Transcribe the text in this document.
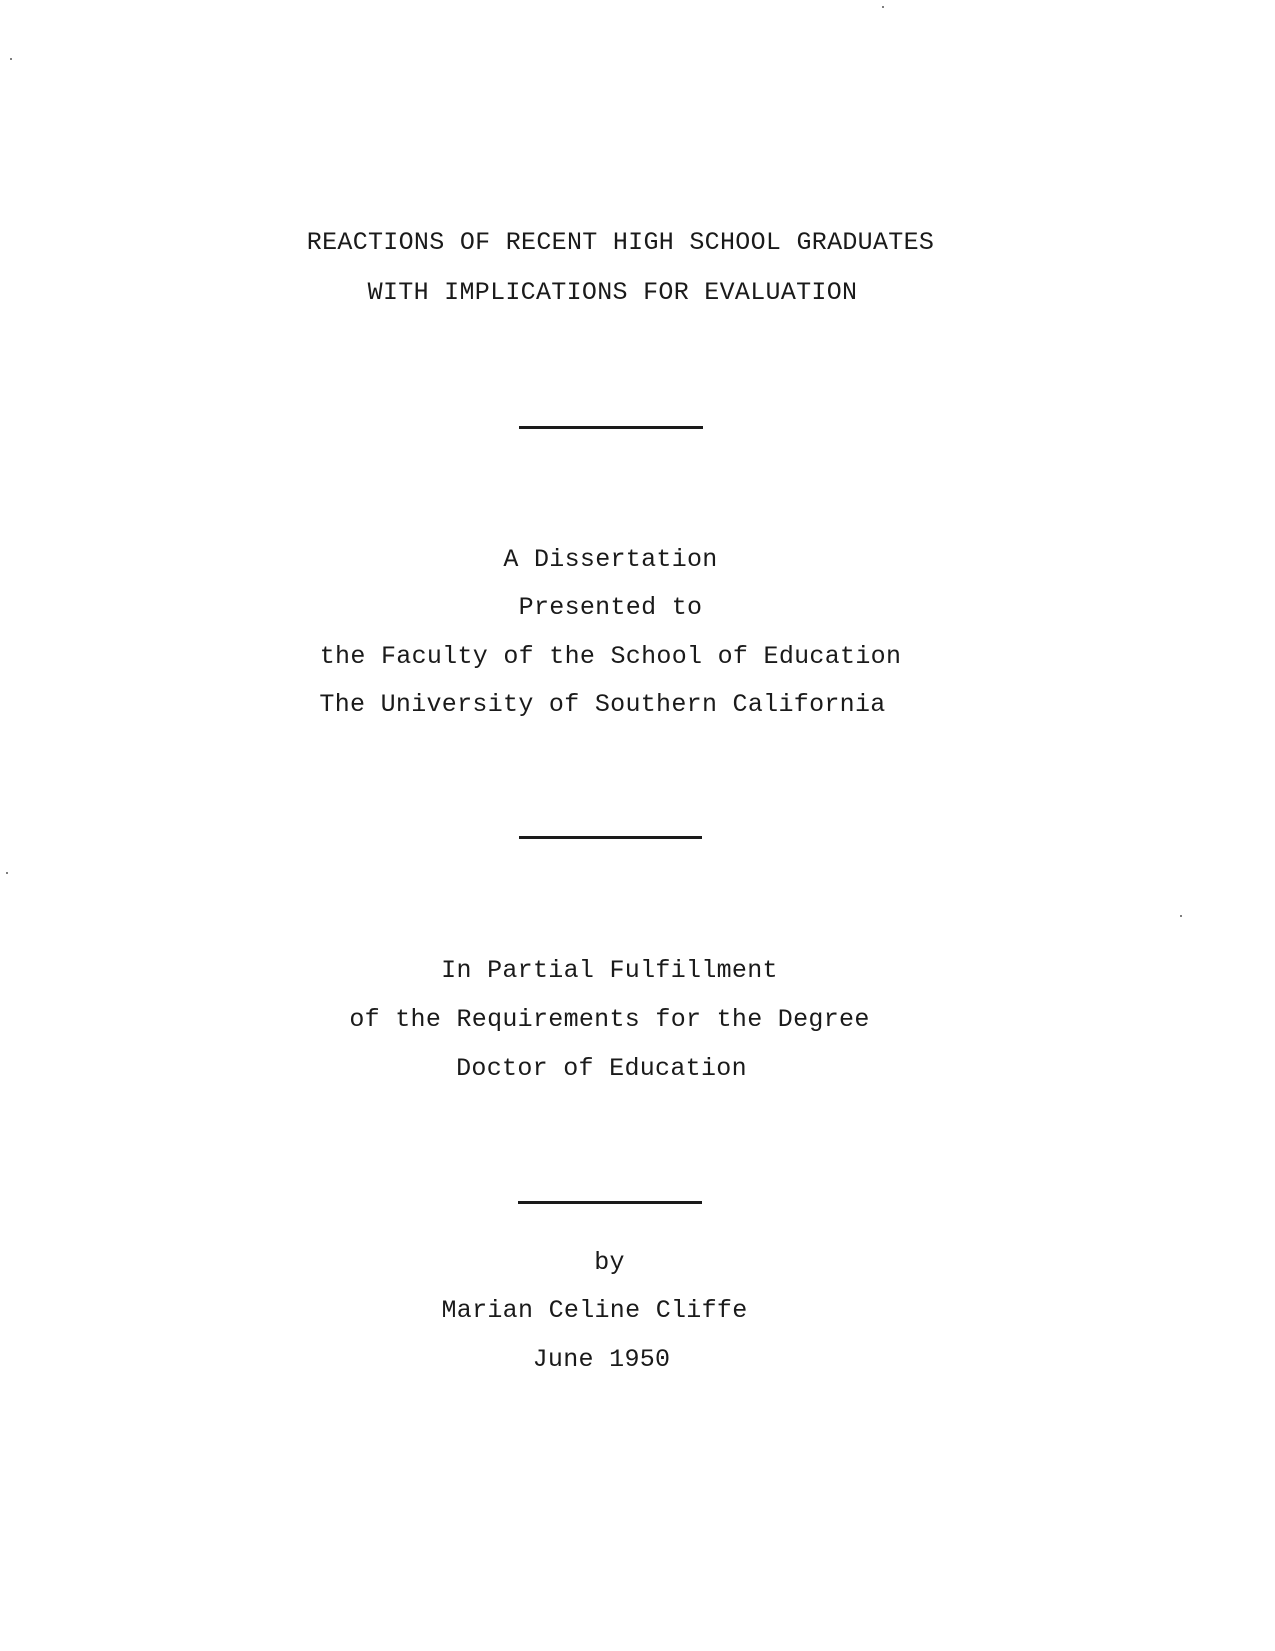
REACTIONS OF RECENT HIGH SCHOOL GRADUATES
WITH IMPLICATIONS FOR EVALUATION
A Dissertation
Presented to
the Faculty of the School of Education
The University of Southern California
In Partial Fulfillment
of the Requirements for the Degree
Doctor of Education
by
Marian Celine Cliffe
June 1950
